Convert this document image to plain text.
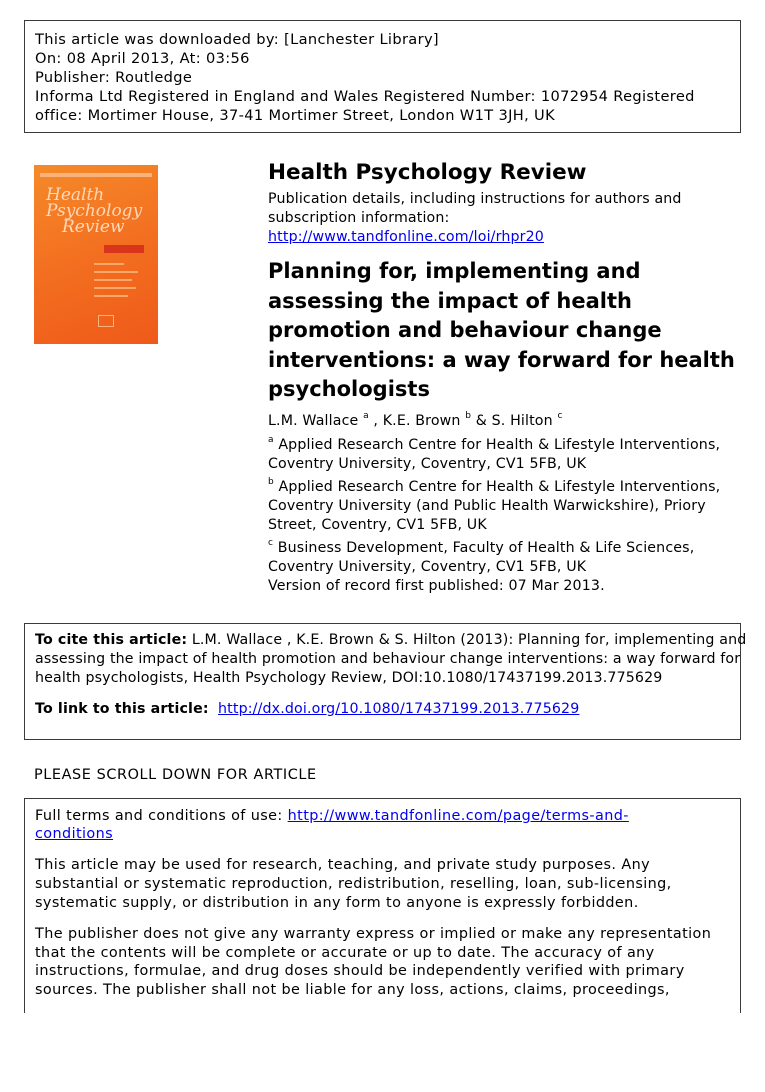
This article was downloaded by: [Lanchester Library]
On: 08 April 2013, At: 03:56
Publisher: Routledge
Informa Ltd Registered in England and Wales Registered Number: 1072954 Registered
office: Mortimer House, 37-41 Mortimer Street, London W1T 3JH, UK
Health
Psychology
Review
Health Psychology Review
Publication details, including instructions for authors and
subscription information:
http://www.tandfonline.com/loi/rhpr20
Planning for, implementing and
assessing the impact of health
promotion and behaviour change
interventions: a way forward for health
psychologists
L.M. Wallace $^a$ , K.E. Brown $^b$ & S. Hilton $^c$
$^a$ Applied Research Centre for Health & Lifestyle Interventions,
Coventry University, Coventry, CV1 5FB, UK
$^b$ Applied Research Centre for Health & Lifestyle Interventions,
Coventry University (and Public Health Warwickshire), Priory
Street, Coventry, CV1 5FB, UK
$^c$ Business Development, Faculty of Health & Life Sciences,
Coventry University, Coventry, CV1 5FB, UK
Version of record first published: 07 Mar 2013.
To cite this article: L.M. Wallace , K.E. Brown & S. Hilton (2013): Planning for, implementing and
assessing the impact of health promotion and behaviour change interventions: a way forward for
health psychologists, Health Psychology Review, DOI:10.1080/17437199.2013.775629
To link to this article: http://dx.doi.org/10.1080/17437199.2013.775629
PLEASE SCROLL DOWN FOR ARTICLE
Full terms and conditions of use: http://www.tandfonline.com/page/terms-and-
conditions
This article may be used for research, teaching, and private study purposes. Any
substantial or systematic reproduction, redistribution, reselling, loan, sub-licensing,
systematic supply, or distribution in any form to anyone is expressly forbidden.
The publisher does not give any warranty express or implied or make any representation
that the contents will be complete or accurate or up to date. The accuracy of any
instructions, formulae, and drug doses should be independently verified with primary
sources. The publisher shall not be liable for any loss, actions, claims, proceedings,
